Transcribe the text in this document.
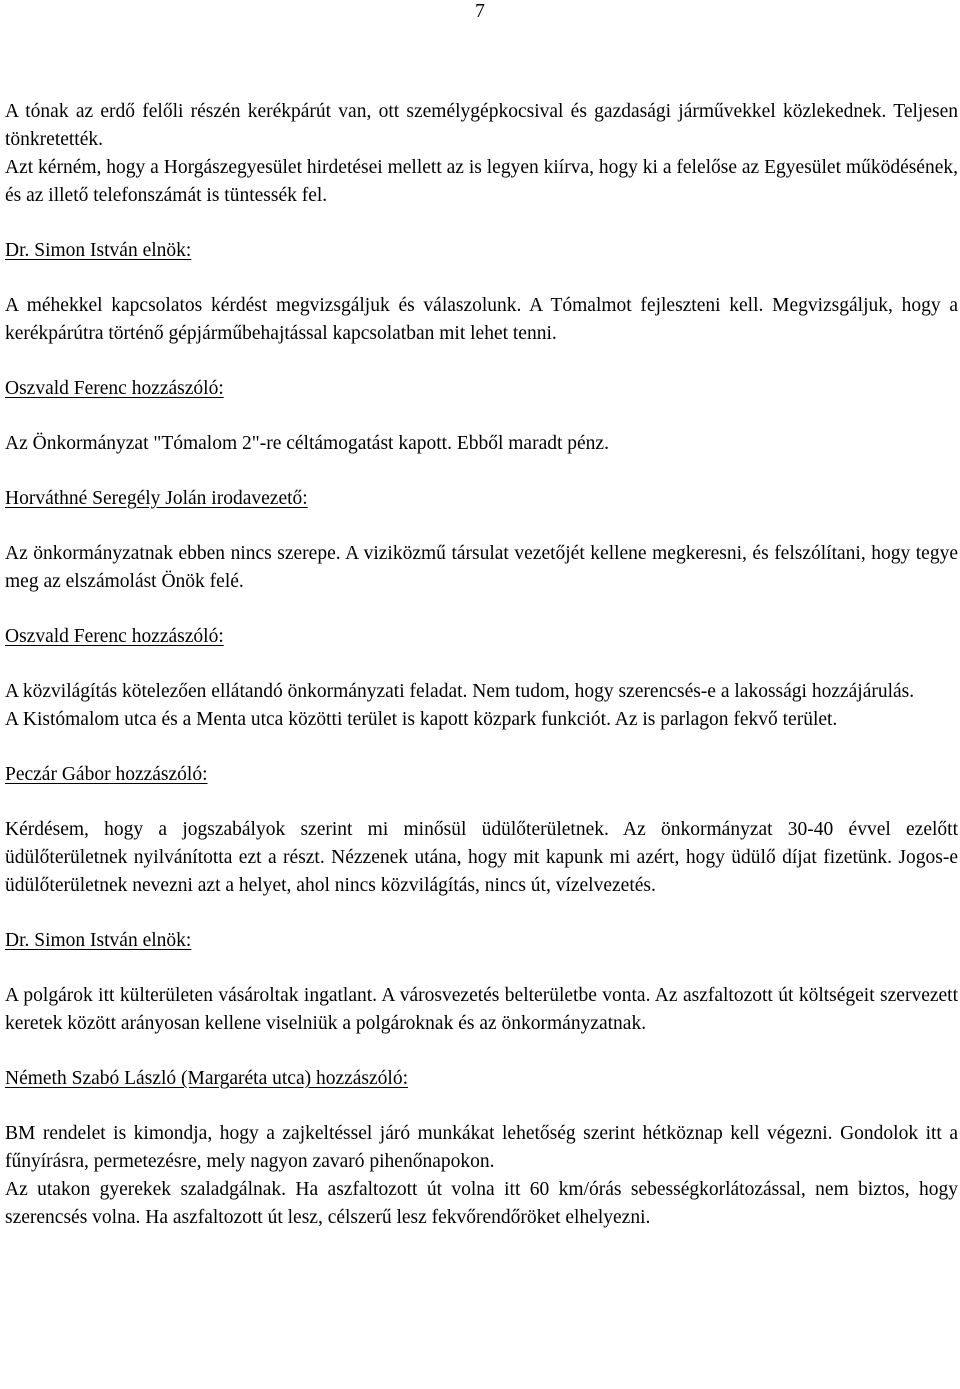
7

A tónak az erdő felőli részén kerékpárút van, ott személygépkocsival és gazdasági járművekkel közlekednek. Teljesen tönkretették.

Azt kérném, hogy a Horgászegyesület hirdetései mellett az is legyen kiírva, hogy ki a felelőse az Egyesület működésének, és az illető telefonszámát is tüntessék fel.

Dr. Simon István elnök:

A méhekkel kapcsolatos kérdést megvizsgáljuk és válaszolunk. A Tómalmot fejleszteni kell. Megvizsgáljuk, hogy a kerékpárútra történő gépjárműbehajtással kapcsolatban mit lehet tenni.

Oszvald Ferenc hozzászóló:

Az Önkormányzat "Tómalom 2"-re céltámogatást kapott. Ebből maradt pénz.

Horváthné Seregély Jolán irodavezető:

Az önkormányzatnak ebben nincs szerepe. A viziközmű társulat vezetőjét kellene megkeresni, és felszólítani, hogy tegye meg az elszámolást Önök felé.

Oszvald Ferenc hozzászóló:

A közvilágítás kötelezően ellátandó önkormányzati feladat. Nem tudom, hogy szerencsés-e a lakossági hozzájárulás.

A Kistómalom utca és a Menta utca közötti terület is kapott közpark funkciót. Az is parlagon fekvő terület.

Peczár Gábor hozzászóló:

Kérdésem, hogy a jogszabályok szerint mi minősül üdülőterületnek. Az önkormányzat 30-40 évvel ezelőtt üdülőterületnek nyilvánította ezt a részt. Nézzenek utána, hogy mit kapunk mi azért, hogy üdülő díjat fizetünk. Jogos-e üdülőterületnek nevezni azt a helyet, ahol nincs közvilágítás, nincs út, vízelvezetés.

Dr. Simon István elnök:

A polgárok itt külterületen vásároltak ingatlant. A városvezetés belterületbe vonta. Az aszfaltozott út költségeit szervezett keretek között arányosan kellene viselniük a polgároknak és az önkormányzatnak.

Németh Szabó László (Margaréta utca) hozzászóló:

BM rendelet is kimondja, hogy a zajkeltéssel járó munkákat lehetőség szerint hétköznap kell végezni. Gondolok itt a fűnyírásra, permetezésre, mely nagyon zavaró pihenőnapokon.

Az utakon gyerekek szaladgálnak. Ha aszfaltozott út volna itt 60 km/órás sebességkorlátozással, nem biztos, hogy szerencsés volna. Ha aszfaltozott út lesz, célszerű lesz fekvőrendőröket elhelyezni.
